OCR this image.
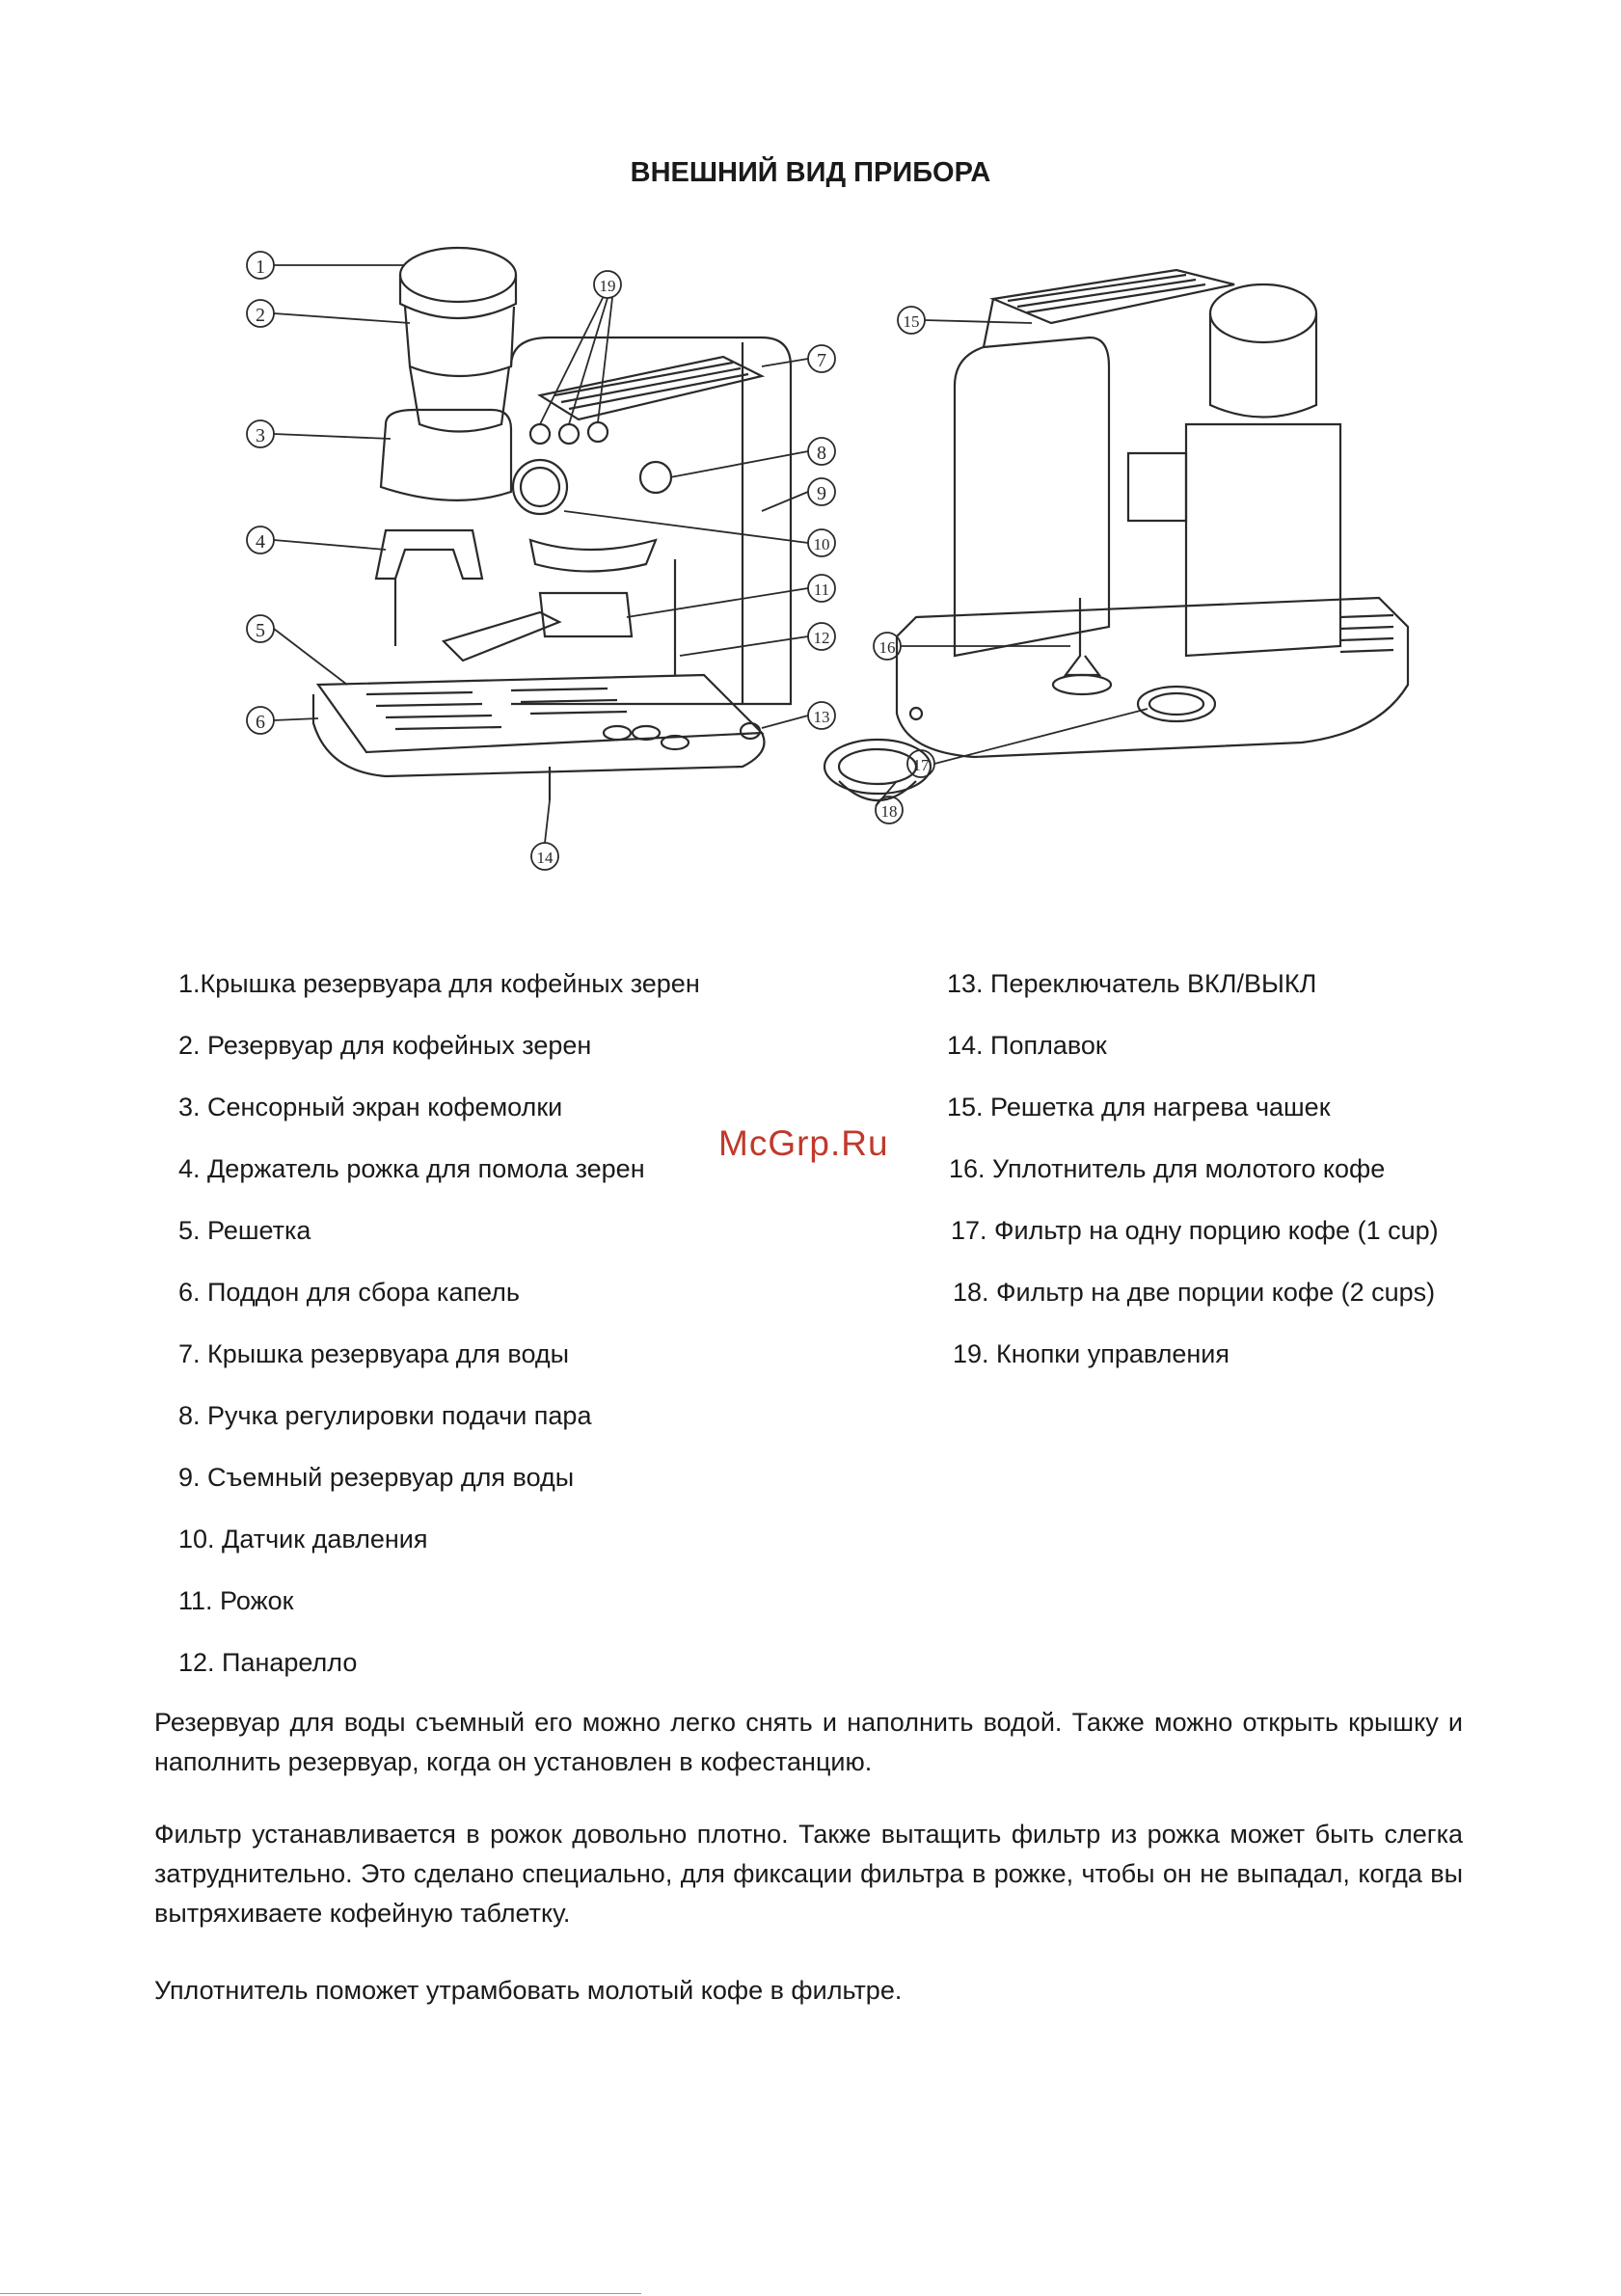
ВНЕШНИЙ ВИД ПРИБОРА
1
2
3
4
5
6
7
8
9
10
11
12
13
14
15
16
17
18
19
1.Крышка резервуара для кофейных зерен
2. Резервуар для кофейных зерен
3. Сенсорный экран кофемолки
4. Держатель рожка для помола зерен
5. Решетка
6. Поддон для сбора капель
7. Крышка резервуара для воды
8. Ручка регулировки подачи пара
9. Съемный резервуар для воды
10. Датчик давления
11. Рожок
12. Панарелло
13. Переключатель ВКЛ/ВЫКЛ
14. Поплавок
15. Решетка для нагрева чашек
16. Уплотнитель для молотого кофе
17. Фильтр на одну порцию кофе (1 cup)
18. Фильтр на две порции кофе (2 cups)
19. Кнопки управления
McGrp.Ru
Резервуар для воды съемный его можно легко снять и наполнить водой. Также можно открыть крышку и наполнить резервуар, когда он установлен в кофестанцию.
Фильтр устанавливается в рожок довольно плотно. Также вытащить фильтр из рожка может быть слегка затруднительно. Это сделано специально, для фиксации фильтра в рожке, чтобы он не выпадал, когда вы вытряхиваете кофейную таблетку.
Уплотнитель поможет утрамбовать молотый кофе в фильтре.
